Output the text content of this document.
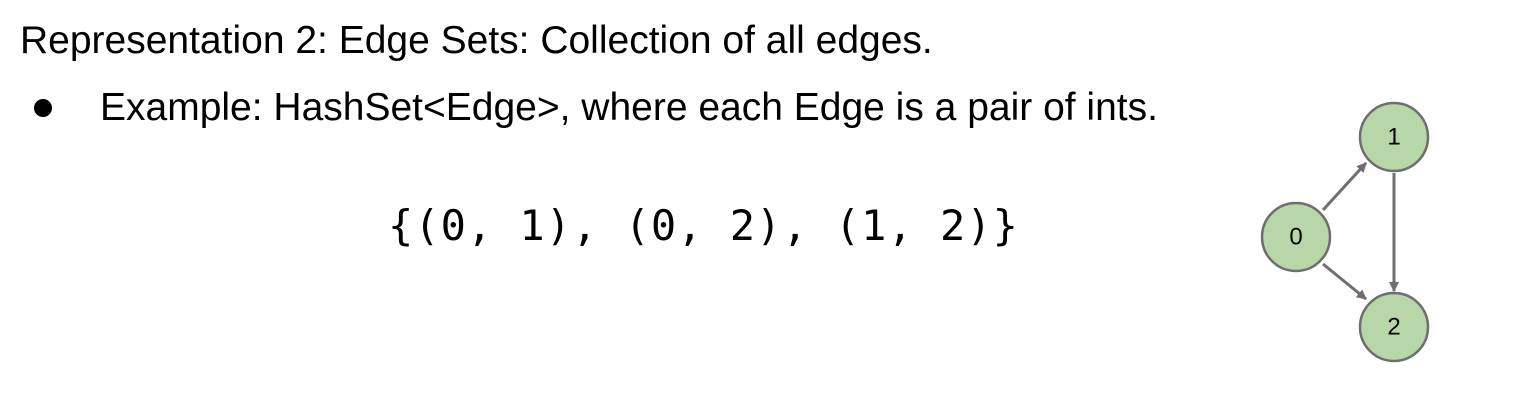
Representation 2: Edge Sets: Collection of all edges.
Example: HashSet<Edge>, where each Edge is a pair of ints.
{(0, 1), (0, 2), (1, 2)}	0
1
2
